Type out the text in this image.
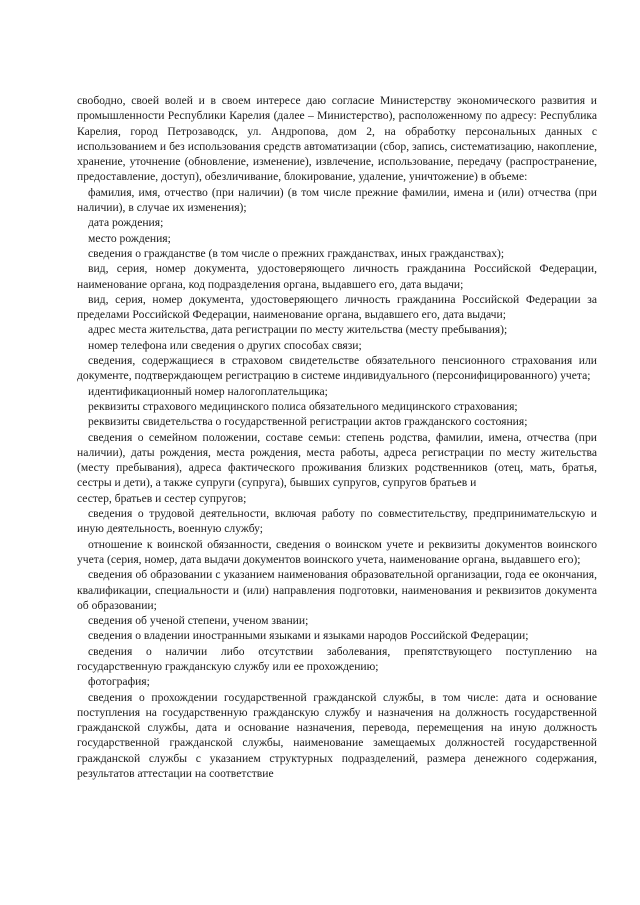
свободно, своей волей и в своем интересе даю согласие Министерству экономического развития и промышленности Республики Карелия (далее – Министерство), расположенному по адресу: Республика Карелия, город Петрозаводск, ул. Андропова, дом 2, на обработку персональных данных с использованием и без использования средств автоматизации (сбор, запись, систематизацию, накопление, хранение, уточнение (обновление, изменение), извлечение, использование, передачу (распространение, предоставление, доступ), обезличивание, блокирование, удаление, уничтожение) в объеме:

фамилия, имя, отчество (при наличии) (в том числе прежние фамилии, имена и (или) отчества (при наличии), в случае их изменения);

дата рождения;

место рождения;

сведения о гражданстве (в том числе о прежних гражданствах, иных гражданствах);

вид, серия, номер документа, удостоверяющего личность гражданина Российской Федерации, наименование органа, код подразделения органа, выдавшего его, дата выдачи;

вид, серия, номер документа, удостоверяющего личность гражданина Российской Федерации за пределами Российской Федерации, наименование органа, выдавшего его, дата выдачи;

адрес места жительства, дата регистрации по месту жительства (месту пребывания);

номер телефона или сведения о других способах связи;

сведения, содержащиеся в страховом свидетельстве обязательного пенсионного страхования или документе, подтверждающем регистрацию в системе индивидуального (персонифицированного) учета;

идентификационный номер налогоплательщика;

реквизиты страхового медицинского полиса обязательного медицинского страхования;

реквизиты свидетельства о государственной регистрации актов гражданского состояния;

сведения о семейном положении, составе семьи: степень родства, фамилии, имена, отчества (при наличии), даты рождения, места рождения, места работы, адреса регистрации по месту жительства (месту пребывания), адреса фактического проживания близких родственников (отец, мать, братья, сестры и дети), а также супруги (супруга), бывших супругов, супругов братьев и

сестер, братьев и сестер супругов;

сведения о трудовой деятельности, включая работу по совместительству, предпринимательскую и иную деятельность, военную службу;

отношение к воинской обязанности, сведения о воинском учете и реквизиты документов воинского учета (серия, номер, дата выдачи документов воинского учета, наименование органа, выдавшего его);

сведения об образовании с указанием наименования образовательной организации, года ее окончания, квалификации, специальности и (или) направления подготовки, наименования и реквизитов документа об образовании;

сведения об ученой степени, ученом звании;

сведения о владении иностранными языками и языками народов Российской Федерации;

сведения о наличии либо отсутствии заболевания, препятствующего поступлению на государственную гражданскую службу или ее прохождению;

фотография;

сведения о прохождении государственной гражданской службы, в том числе: дата и основание поступления на государственную гражданскую службу и назначения на должность государственной гражданской службы, дата и основание назначения, перевода, перемещения на иную должность государственной гражданской службы, наименование замещаемых должностей государственной гражданской службы с указанием структурных подразделений, размера денежного содержания, результатов аттестации на соответствие
